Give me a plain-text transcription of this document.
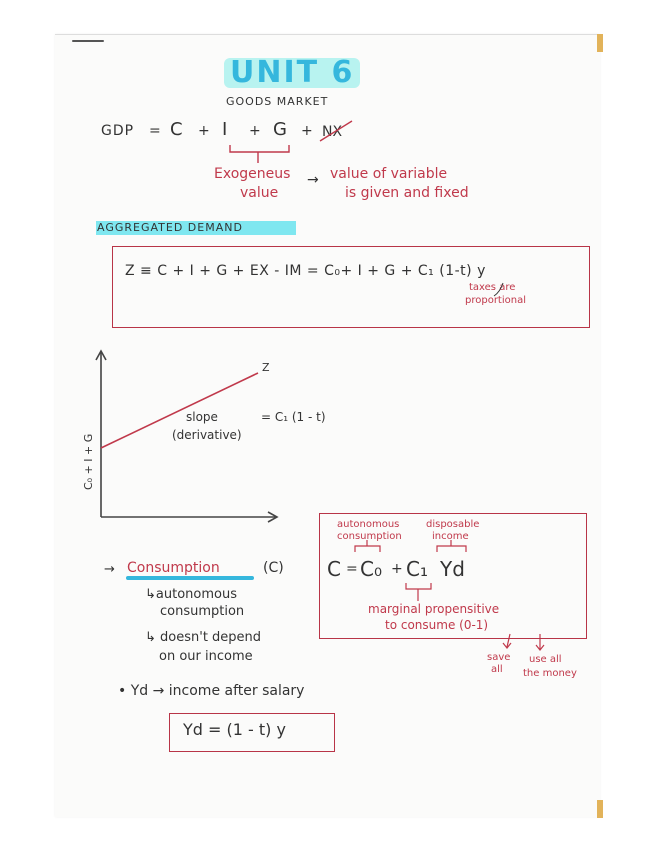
UNIT 6
GOODS MARKET
GDP = C + I + G + NX
Exogeneus
value
→ value of variable
is given and fixed
AGGREGATED DEMAND
Z ≡ C + I + G + EX - IM = C₀+ I + G + C₁ (1-t) y
taxes are
proportional
C₀ + I + G
Z
slope
(derivative)
= C₁ (1 - t)
autonomous
consumption
disposable
income
C = C₀ + C₁ Yd
marginal propensitive
to consume (0-1)
save
all
use all
the money
→ Consumption	(C)
↳autonomous
consumption
↳ doesn't depend
on our income
• Yd → income after salary
Yd = (1 - t) y
